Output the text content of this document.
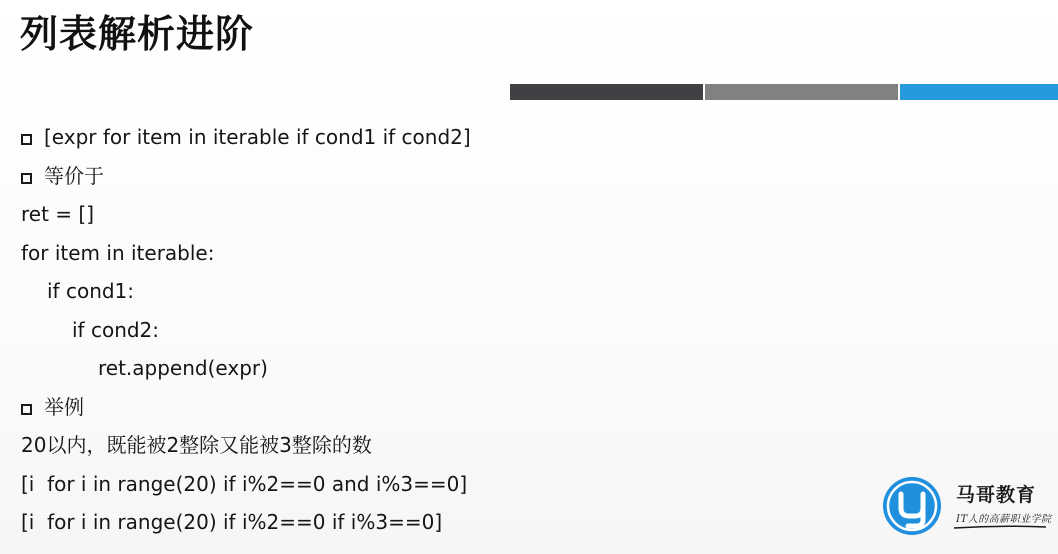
列表解析进阶
[expr for item in iterable if cond1 if cond2]
等价于
ret = []
for item in iterable:
if cond1:
if cond2:
ret.append(expr)
举例
20以内，既能被2整除又能被3整除的数
[i  for i in range(20) if i%2==0 and i%3==0]
[i  for i in range(20) if i%2==0 if i%3==0]
马哥教育
IT人的高薪职业学院
